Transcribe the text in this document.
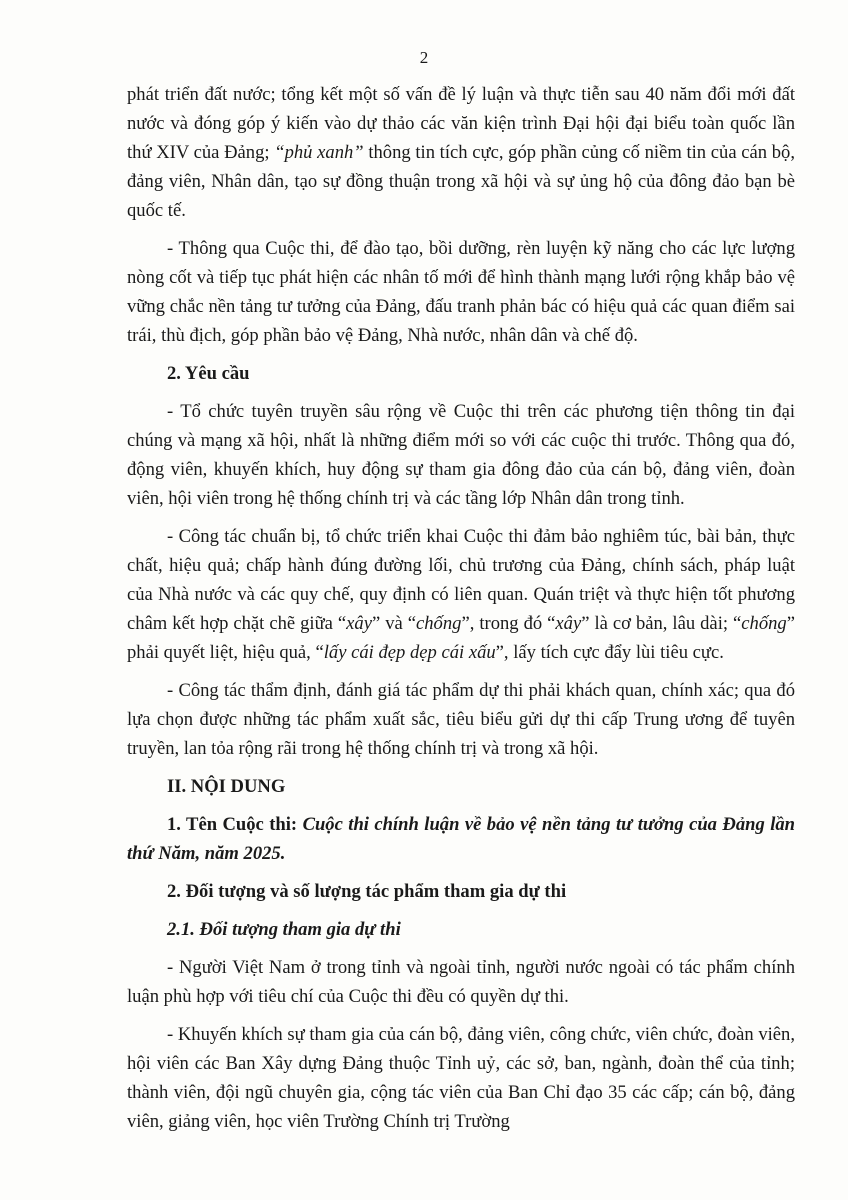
2

phát triển đất nước; tổng kết một số vấn đề lý luận và thực tiễn sau 40 năm đổi mới đất nước và đóng góp ý kiến vào dự thảo các văn kiện trình Đại hội đại biểu toàn quốc lần thứ XIV của Đảng; “phủ xanh” thông tin tích cực, góp phần củng cố niềm tin của cán bộ, đảng viên, Nhân dân, tạo sự đồng thuận trong xã hội và sự ủng hộ của đông đảo bạn bè quốc tế.

- Thông qua Cuộc thi, để đào tạo, bồi dưỡng, rèn luyện kỹ năng cho các lực lượng nòng cốt và tiếp tục phát hiện các nhân tố mới để hình thành mạng lưới rộng khắp bảo vệ vững chắc nền tảng tư tưởng của Đảng, đấu tranh phản bác có hiệu quả các quan điểm sai trái, thù địch, góp phần bảo vệ Đảng, Nhà nước, nhân dân và chế độ.

2. Yêu cầu

- Tổ chức tuyên truyền sâu rộng về Cuộc thi trên các phương tiện thông tin đại chúng và mạng xã hội, nhất là những điểm mới so với các cuộc thi trước. Thông qua đó, động viên, khuyến khích, huy động sự tham gia đông đảo của cán bộ, đảng viên, đoàn viên, hội viên trong hệ thống chính trị và các tầng lớp Nhân dân trong tỉnh.

- Công tác chuẩn bị, tổ chức triển khai Cuộc thi đảm bảo nghiêm túc, bài bản, thực chất, hiệu quả; chấp hành đúng đường lối, chủ trương của Đảng, chính sách, pháp luật của Nhà nước và các quy chế, quy định có liên quan. Quán triệt và thực hiện tốt phương châm kết hợp chặt chẽ giữa “xây” và “chống”, trong đó “xây” là cơ bản, lâu dài; “chống” phải quyết liệt, hiệu quả, “lấy cái đẹp dẹp cái xấu”, lấy tích cực đẩy lùi tiêu cực.

- Công tác thẩm định, đánh giá tác phẩm dự thi phải khách quan, chính xác; qua đó lựa chọn được những tác phẩm xuất sắc, tiêu biểu gửi dự thi cấp Trung ương để tuyên truyền, lan tỏa rộng rãi trong hệ thống chính trị và trong xã hội.

II. NỘI DUNG

1. Tên Cuộc thi: Cuộc thi chính luận về bảo vệ nền tảng tư tưởng của Đảng lần thứ Năm, năm 2025.

2. Đối tượng và số lượng tác phẩm tham gia dự thi

2.1. Đối tượng tham gia dự thi

- Người Việt Nam ở trong tỉnh và ngoài tỉnh, người nước ngoài có tác phẩm chính luận phù hợp với tiêu chí của Cuộc thi đều có quyền dự thi.

- Khuyến khích sự tham gia của cán bộ, đảng viên, công chức, viên chức, đoàn viên, hội viên các Ban Xây dựng Đảng thuộc Tỉnh uỷ, các sở, ban, ngành, đoàn thể của tỉnh; thành viên, đội ngũ chuyên gia, cộng tác viên của Ban Chỉ đạo 35 các cấp; cán bộ, đảng viên, giảng viên, học viên Trường Chính trị Trường
